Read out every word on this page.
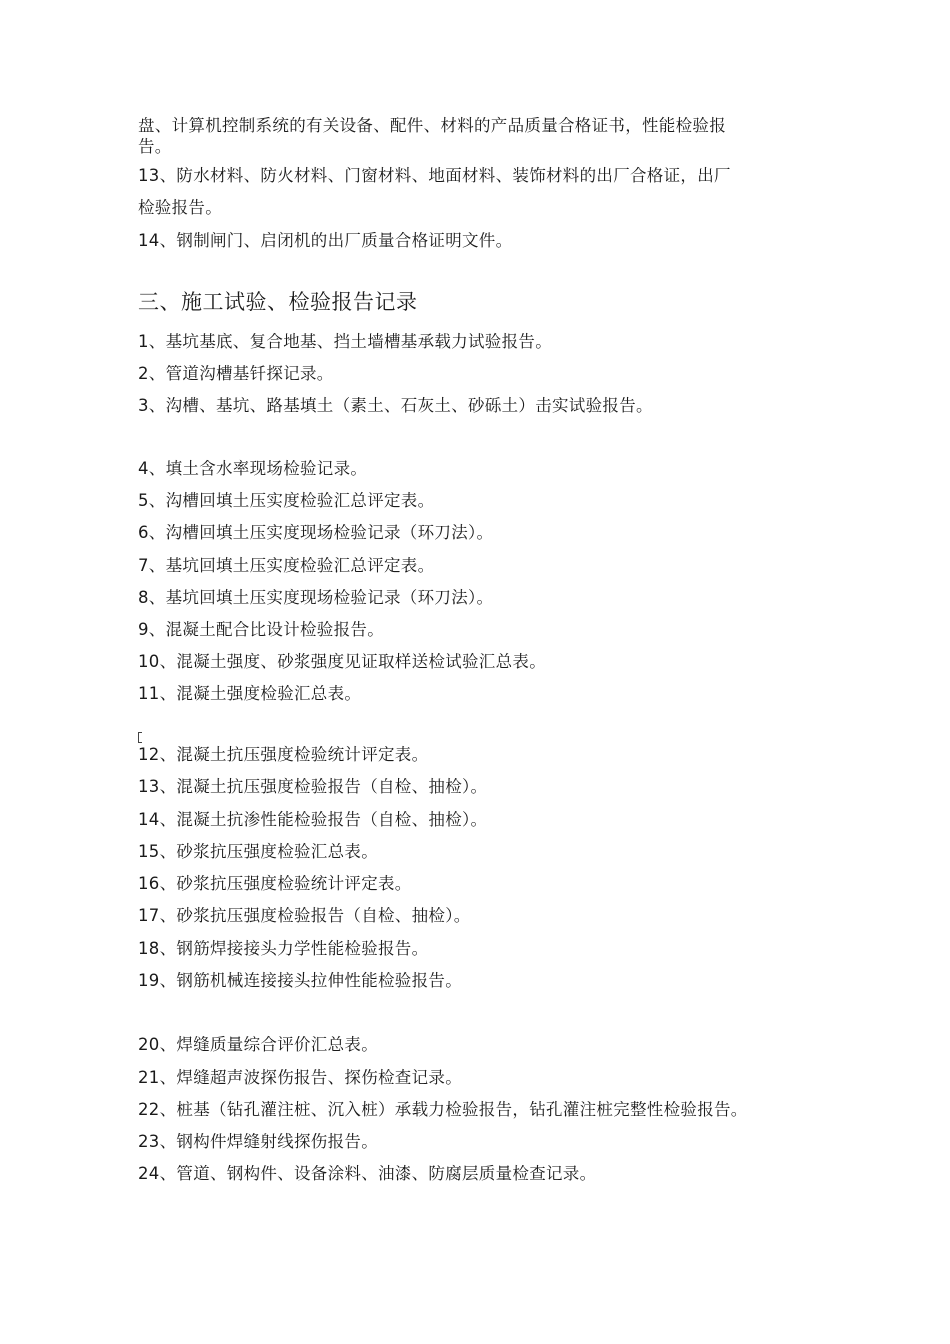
盘、计算机控制系统的有关设备、配件、材料的产品质量合格证书，性能检验报
告。
13、防水材料、防火材料、门窗材料、地面材料、装饰材料的出厂合格证，出厂
检验报告。
14、钢制闸门、启闭机的出厂质量合格证明文件。
三、施工试验、检验报告记录
1、基坑基底、复合地基、挡土墙槽基承载力试验报告。
2、管道沟槽基钎探记录。
3、沟槽、基坑、路基填土（素土、石灰土、砂砾土）击实试验报告。
4、填土含水率现场检验记录。
5、沟槽回填土压实度检验汇总评定表。
6、沟槽回填土压实度现场检验记录（环刀法）。
7、基坑回填土压实度检验汇总评定表。
8、基坑回填土压实度现场检验记录（环刀法）。
9、混凝土配合比设计检验报告。
10、混凝土强度、砂浆强度见证取样送检试验汇总表。
11、混凝土强度检验汇总表。
12、混凝土抗压强度检验统计评定表。
13、混凝土抗压强度检验报告（自检、抽检）。
14、混凝土抗渗性能检验报告（自检、抽检）。
15、砂浆抗压强度检验汇总表。
16、砂浆抗压强度检验统计评定表。
17、砂浆抗压强度检验报告（自检、抽检）。
18、钢筋焊接接头力学性能检验报告。
19、钢筋机械连接接头拉伸性能检验报告。
20、焊缝质量综合评价汇总表。
21、焊缝超声波探伤报告、探伤检查记录。
22、桩基（钻孔灌注桩、沉入桩）承载力检验报告，钻孔灌注桩完整性检验报告。
23、钢构件焊缝射线探伤报告。
24、管道、钢构件、设备涂料、油漆、防腐层质量检查记录。
